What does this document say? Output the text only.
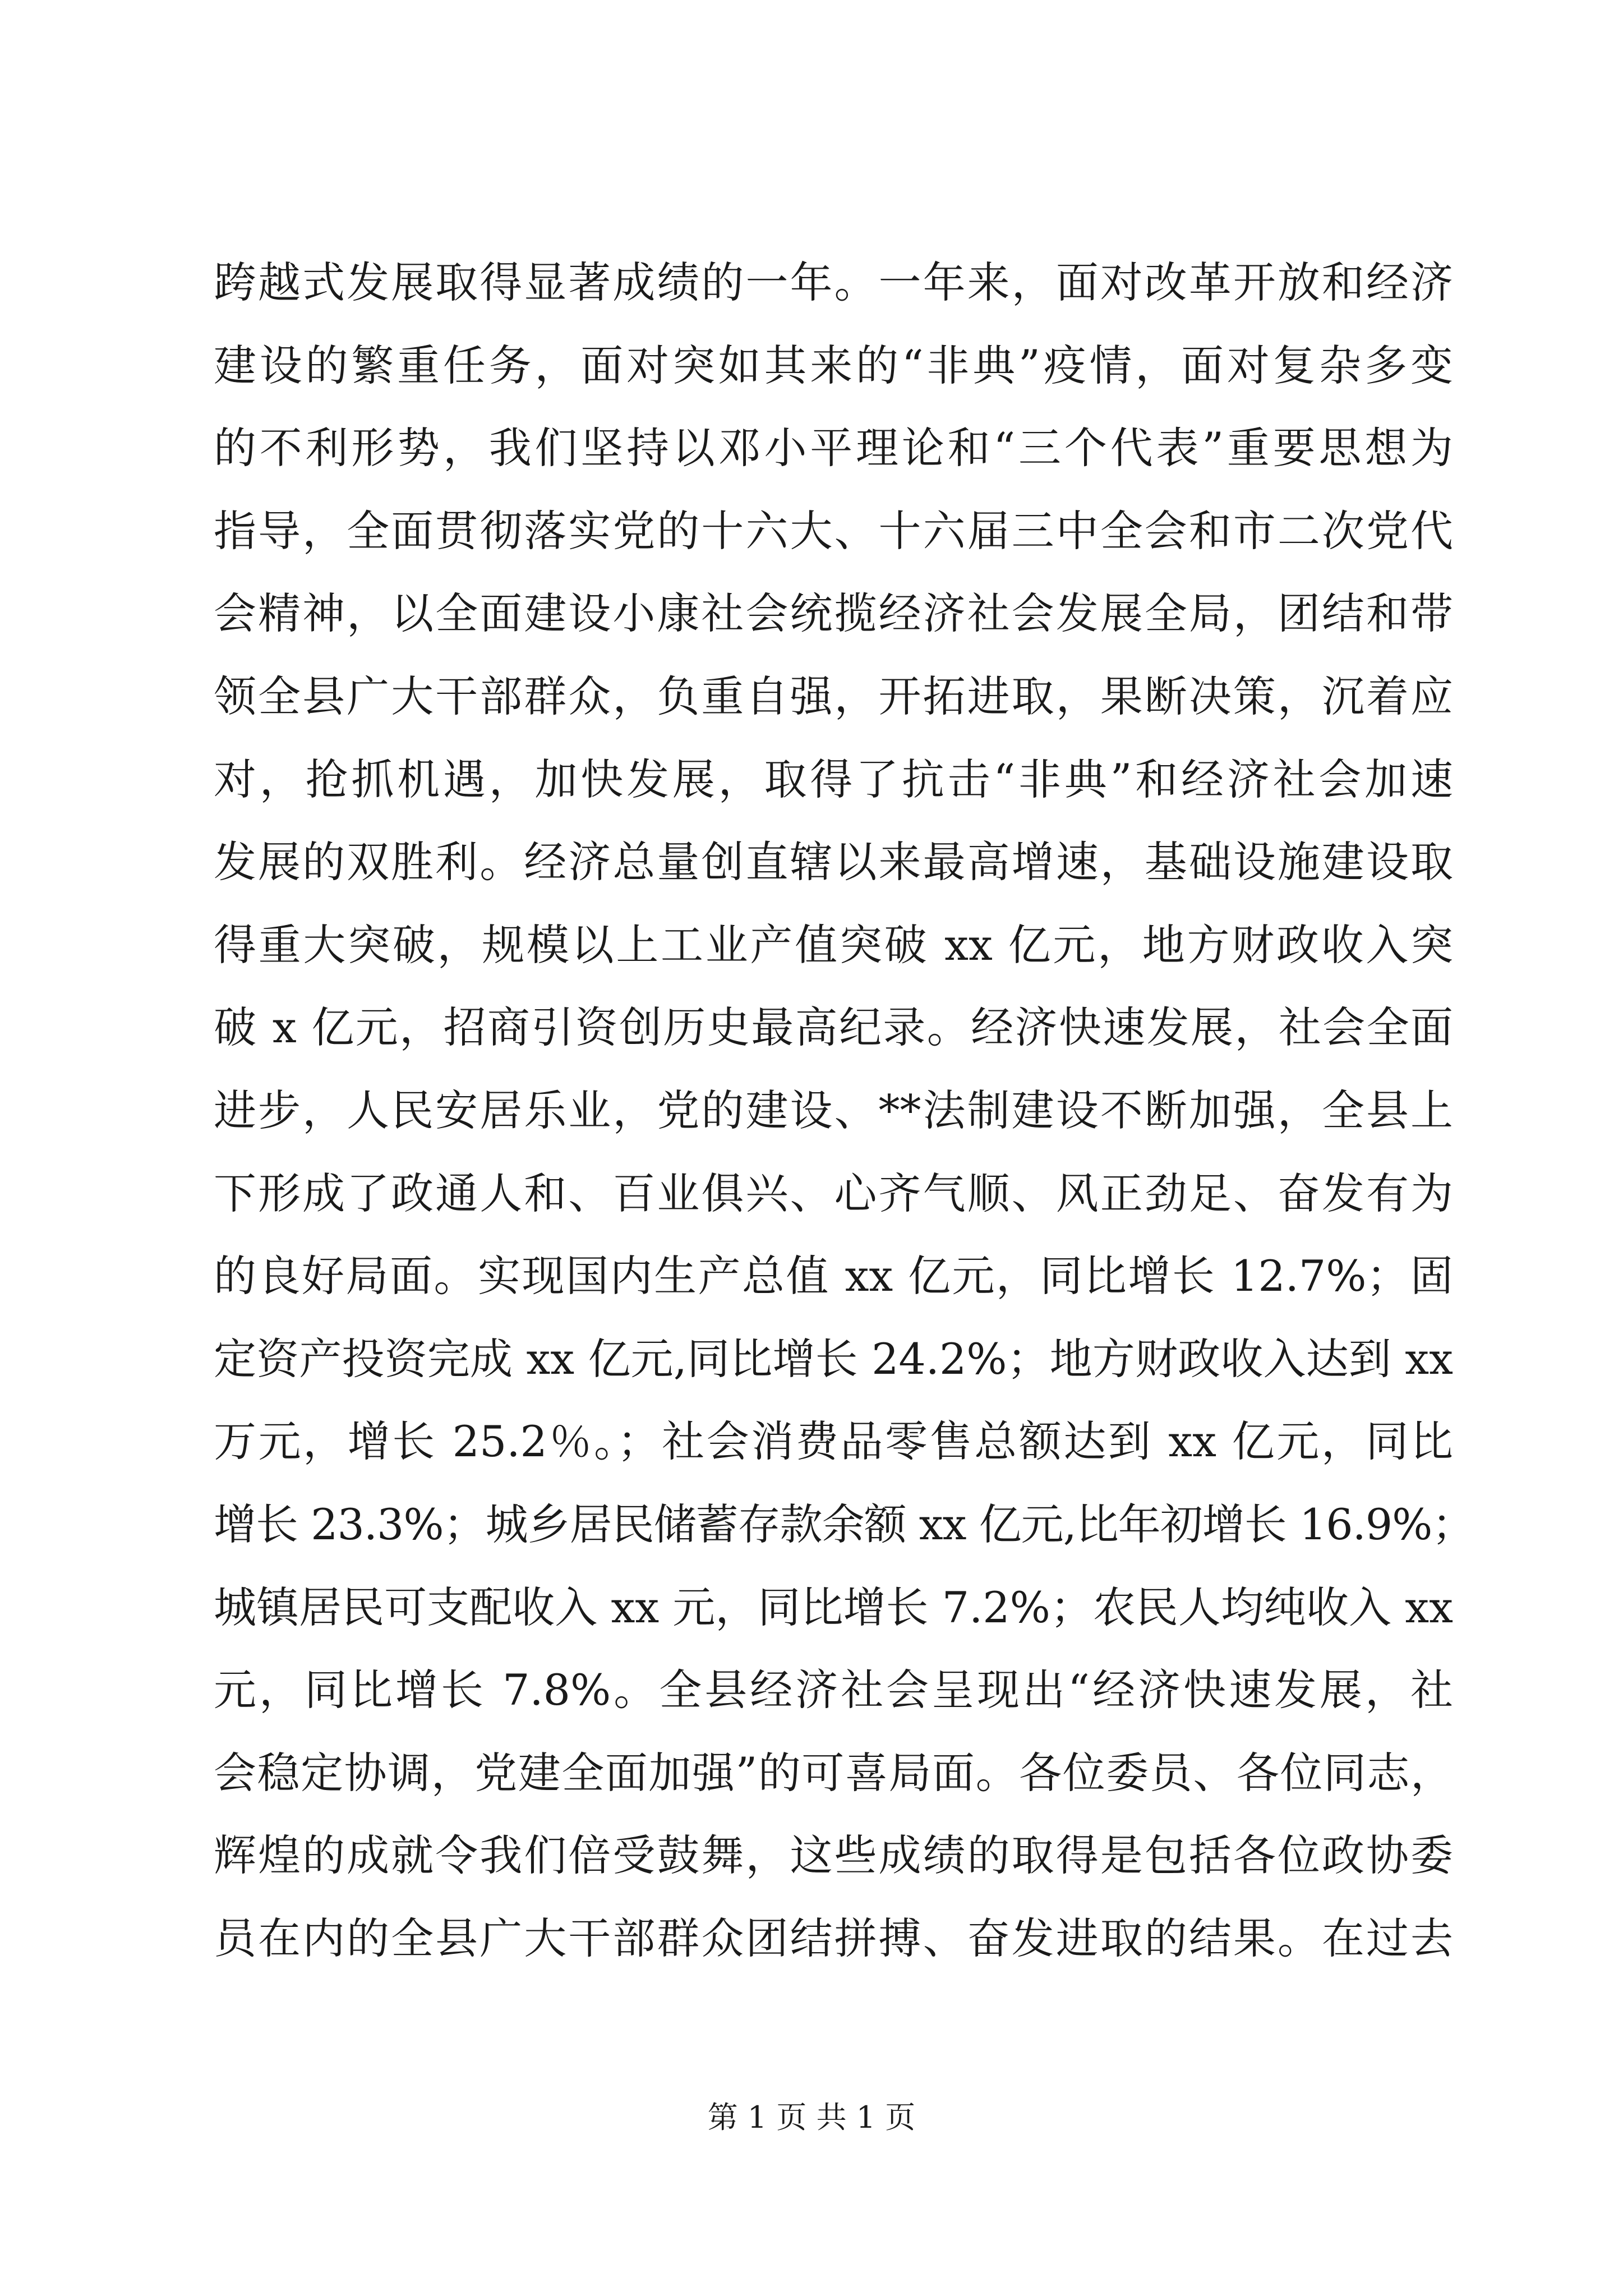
跨越式发展取得显著成绩的一年。一年来，面对改革开放和经济
建设的繁重任务，面对突如其来的“非典”疫情，面对复杂多变
的不利形势，我们坚持以邓小平理论和“三个代表”重要思想为
指导，全面贯彻落实党的十六大、十六届三中全会和市二次党代
会精神，以全面建设小康社会统揽经济社会发展全局，团结和带
领全县广大干部群众，负重自强，开拓进取，果断决策，沉着应
对，抢抓机遇，加快发展，取得了抗击“非典”和经济社会加速
发展的双胜利。经济总量创直辖以来最高增速，基础设施建设取
得重大突破，规模以上工业产值突破 xx 亿元，地方财政收入突
破 x 亿元，招商引资创历史最高纪录。经济快速发展，社会全面
进步，人民安居乐业，党的建设、**法制建设不断加强，全县上
下形成了政通人和、百业俱兴、心齐气顺、风正劲足、奋发有为
的良好局面。实现国内生产总值 xx 亿元，同比增长 12.7%；固
定资产投资完成 xx 亿元,同比增长 24.2%；地方财政收入达到 xx
万元，增长 25.2％。；社会消费品零售总额达到 xx 亿元，同比
增长 23.3%；城乡居民储蓄存款余额 xx 亿元,比年初增长 16.9%；
城镇居民可支配收入 xx 元，同比增长 7.2%；农民人均纯收入 xx
元，同比增长 7.8%。全县经济社会呈现出“经济快速发展，社
会稳定协调，党建全面加强”的可喜局面。各位委员、各位同志，
辉煌的成就令我们倍受鼓舞，这些成绩的取得是包括各位政协委
员在内的全县广大干部群众团结拼搏、奋发进取的结果。在过去
第 1 页 共 1 页
